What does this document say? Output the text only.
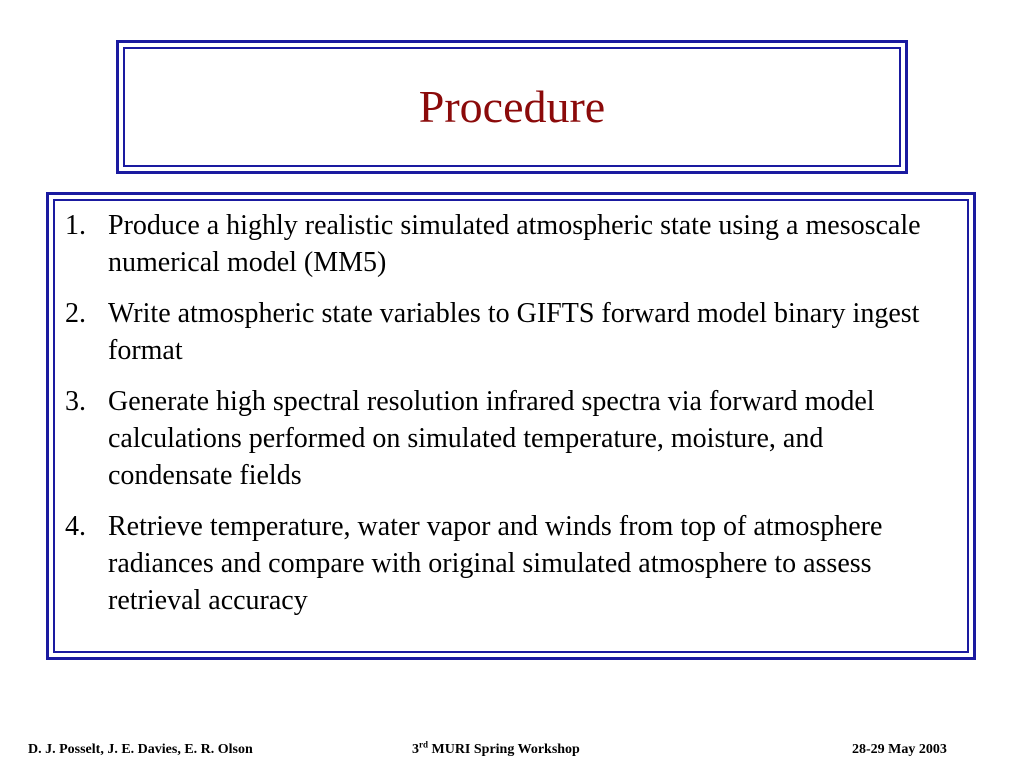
Procedure
1. Produce a highly realistic simulated atmospheric state using a mesoscale numerical model (MM5)
2. Write atmospheric state variables to GIFTS forward model binary ingest format
3. Generate high spectral resolution infrared spectra via forward model calculations performed on simulated temperature, moisture, and condensate fields
4. Retrieve temperature, water vapor and winds from top of atmosphere radiances and compare with original simulated atmosphere to assess retrieval accuracy
D. J. Posselt, J. E. Davies, E. R. Olson	3rd MURI Spring Workshop	28-29 May 2003
